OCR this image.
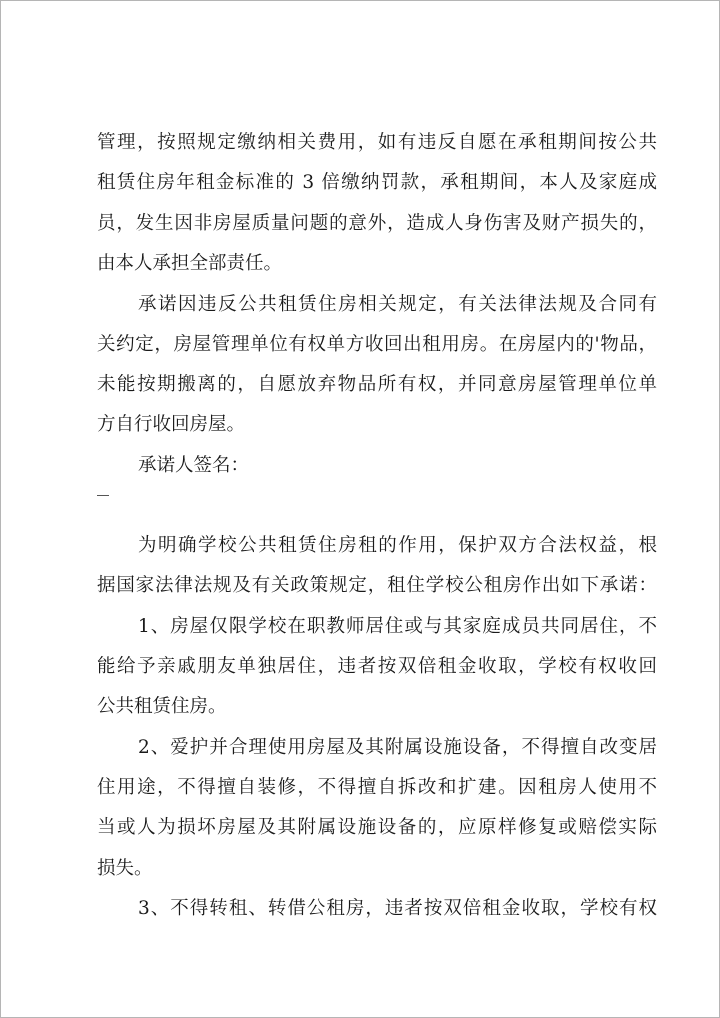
管理，按照规定缴纳相关费用，如有违反自愿在承租期间按公共
租赁住房年租金标准的 3 倍缴纳罚款，承租期间，本人及家庭成
员，发生因非房屋质量问题的意外，造成人身伤害及财产损失的，
由本人承担全部责任。
承诺因违反公共租赁住房相关规定，有关法律法规及合同有
关约定，房屋管理单位有权单方收回出租用房。在房屋内的'物品，
未能按期搬离的，自愿放弃物品所有权，并同意房屋管理单位单
方自行收回房屋。
承诺人签名：
为明确学校公共租赁住房租的作用，保护双方合法权益，根
据国家法律法规及有关政策规定，租住学校公租房作出如下承诺：
1、房屋仅限学校在职教师居住或与其家庭成员共同居住，不
能给予亲戚朋友单独居住，违者按双倍租金收取，学校有权收回
公共租赁住房。
2、爱护并合理使用房屋及其附属设施设备，不得擅自改变居
住用途，不得擅自装修，不得擅自拆改和扩建。因租房人使用不
当或人为损坏房屋及其附属设施设备的，应原样修复或赔偿实际
损失。
3、不得转租、转借公租房，违者按双倍租金收取，学校有权
